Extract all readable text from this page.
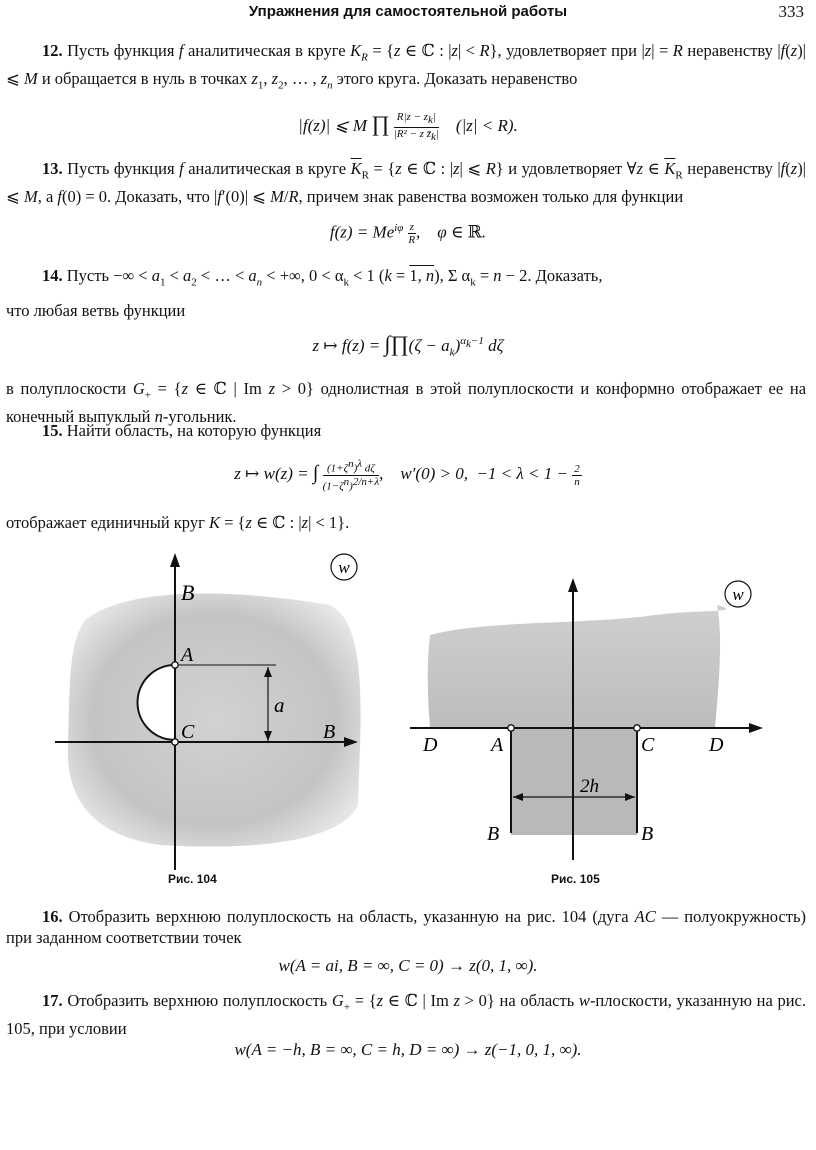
Упражнения для самостоятельной работы	333
12. Пусть функция f аналитическая в круге $K_R = \{z$ ∈ ℂ : |z| < R}, удовлетворяет при |z| = R неравенству |f(z)| ⩽ M и обращается в нуль в точках $z_1$, $z_2$, … , $z_n$ этого круга. Доказать неравенство
|f(z)| ⩽ M ∏ $\frac{R|z - z_k|}{|R^2 - z z̄_k|} (|z| < R)$.
13. Пусть функция f аналитическая в круге $\overline{K}_R = \{z$ ∈ ℂ : |z| ⩽ R} и удовлетворяет ∀z ∈ $\overline{K}_R$ неравенству |f(z)| ⩽ M, а f(0) = 0. Доказать, что |f′(0)| ⩽ M/R, причем знак равенства возможен только для функции
$f(z) = Me^{i\varphi} \frac{z}{R}$ ,    φ ∈ ℝ.
14. Пусть −∞ < $a_1 < a_2$ < … < $a_n$ < +∞, $0 < \alpha_k < 1$ (k = 1, n), Σ $\alpha_k = n - 2$. Доказать,
что любая ветвь функции
z ↦ f(z) = ∫∏(ζ − $a_k)^{\alpha_k-1}$ dζ
в полуплоскости $G_+ = \{z$ ∈ ℂ | Im z > 0} однолистная в этой полуплоскости и конформно отображает ее на конечный выпуклый n-угольник.
15. Найти область, на которую функция
z ↦ w(z) = ∫ $\frac{(1+\zeta^n)^\lambda d\zeta}{(1-\zeta^n)^{2/n+\lambda}}$ ,    w′(0) > 0,  $-1 < \lambda < 1 - \frac{2}{n}$
отображает единичный круг K = {z ∈ ℂ : |z| < 1}.
w
B
A
a
C	B
Рис. 104
w
D	A	C	D
2h
B	B
Рис. 105
16. Отобразить верхнюю полуплоскость на область, указанную на рис. 104 (дуга AC — полуокружность) при заданном соответствии точек
w(A = ai, B = ∞, C = 0) → z(0, 1, ∞).
17. Отобразить верхнюю полуплоскость $G_+ = \{z$ ∈ ℂ | Im z > 0} на область w-плоскости, указанную на рис. 105, при условии
w(A = −h, B = ∞, C = h, D = ∞) → z(−1, 0, 1, ∞).
